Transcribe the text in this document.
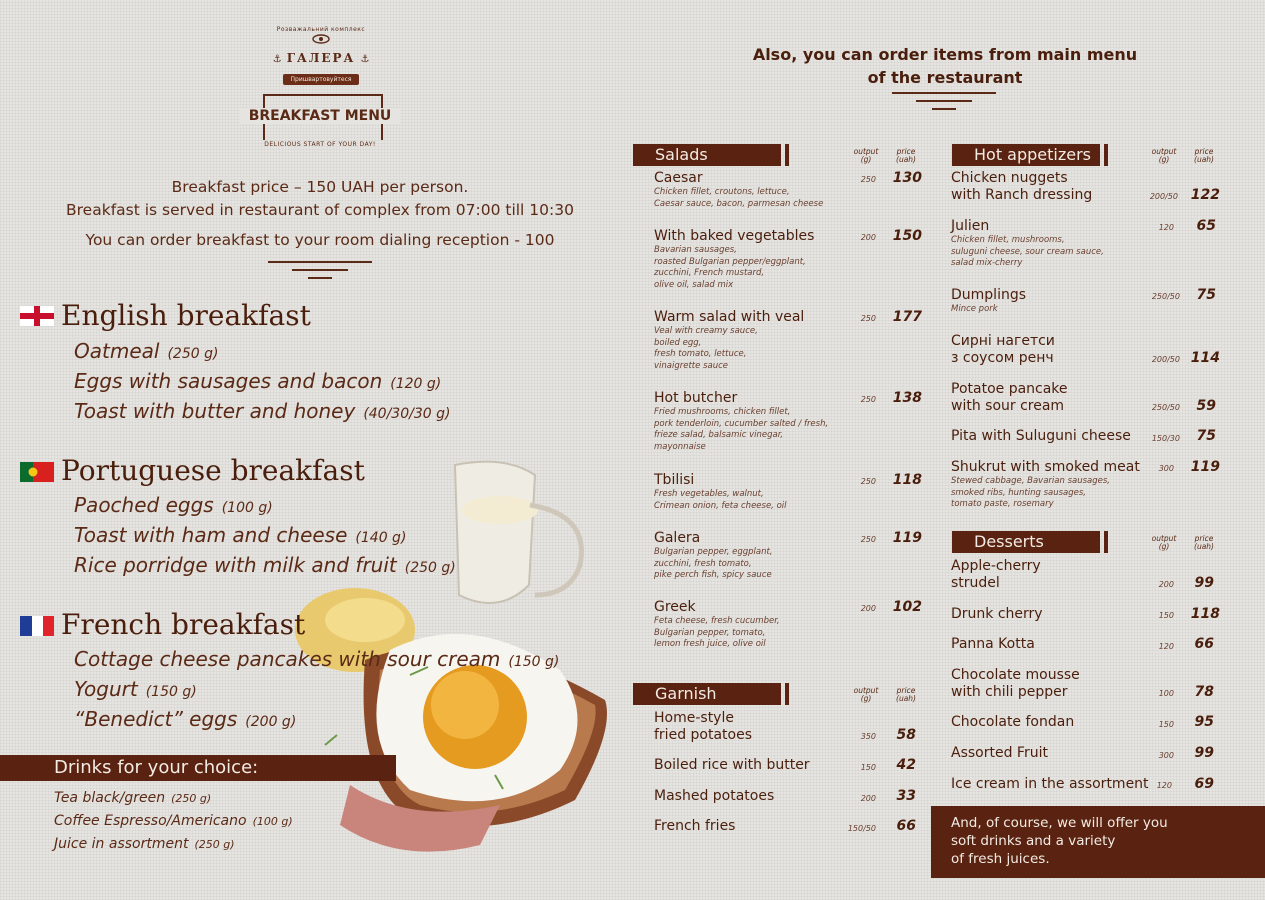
Розважальний комплекс
⚓ ГАЛЕРА ⚓
Пришвартовуйтеся
BREAKFAST MENU
DELICIOUS START OF YOUR DAY!
Breakfast price – 150 UAH per person.
Breakfast is served in restaurant of complex from 07:00 till 10:30
You can order breakfast to your room dialing reception - 100
English breakfast
Oatmeal (250 g)
Eggs with sausages and bacon (120 g)
Toast with butter and honey (40/30/30 g)
Portuguese breakfast
Paoched eggs (100 g)
Toast with ham and cheese (140 g)
Rice porridge with milk and fruit (250 g)
French breakfast
Cottage cheese pancakes with sour cream (150 g)
Yogurt (150 g)
“Benedict” eggs (200 g)
Drinks for your choice:
Tea black/green (250 g)
Coffee Espresso/Americano (100 g)
Juice in assortment (250 g)
Also, you can order items from main menu
of the restaurant
Salads	output
(g)
price
(uah)
Caesar
Chicken fillet, croutons, lettuce,
Caesar sauce, bacon, parmesan cheese
250	130
With baked vegetables
Bavarian sausages,
roasted Bulgarian pepper/eggplant,
zucchini, French mustard,
olive oil, salad mix
200	150
Warm salad with veal
Veal with creamy sauce,
boiled egg,
fresh tomato, lettuce,
vinaigrette sauce
250	177
Hot butcher
Fried mushrooms, chicken fillet,
pork tenderloin, cucumber salted / fresh,
frieze salad, balsamic vinegar,
mayonnaise
250	138
Tbilisi
Fresh vegetables, walnut,
Crimean onion, feta cheese, oil
250	118
Galera
Bulgarian pepper, eggplant,
zucchini, fresh tomato,
pike perch fish, spicy sauce
250	119
Greek
Feta cheese, fresh cucumber,
Bulgarian pepper, tomato,
lemon fresh juice, olive oil
200	102
Garnish	output
(g)
price
(uah)
Home-style
fried potatoes	350	58
Boiled rice with butter	150	42
Mashed potatoes	200	33
French fries	150/50	66
Hot appetizers	output
(g)
price
(uah)
Chicken nuggets
with Ranch dressing	200/50 122
Julien
Chicken fillet, mushrooms,
suluguni cheese, sour cream sauce,
salad mix-cherry
120	65
Dumplings
Mince pork
250/50	75
Сирні нагетси
з соусом ренч	200/50 114
Potatoe pancake
with sour cream	250/50	59
Pita with Suluguni cheese	150/30	75
Shukrut with smoked meat
Stewed cabbage, Bavarian sausages,
smoked ribs, hunting sausages,
tomato paste, rosemary
300	119
Desserts	output
(g)
price
(uah)
Apple-cherry
strudel	200	99
Drunk cherry	150	118
Panna Kotta	120	66
Chocolate mousse
with chili pepper	100	78
Chocolate fondan	150	95
Assorted Fruit	300	99
Ice cream in the assortment	120	69
And, of course, we will offer you
soft drinks and a variety
of fresh juices.
